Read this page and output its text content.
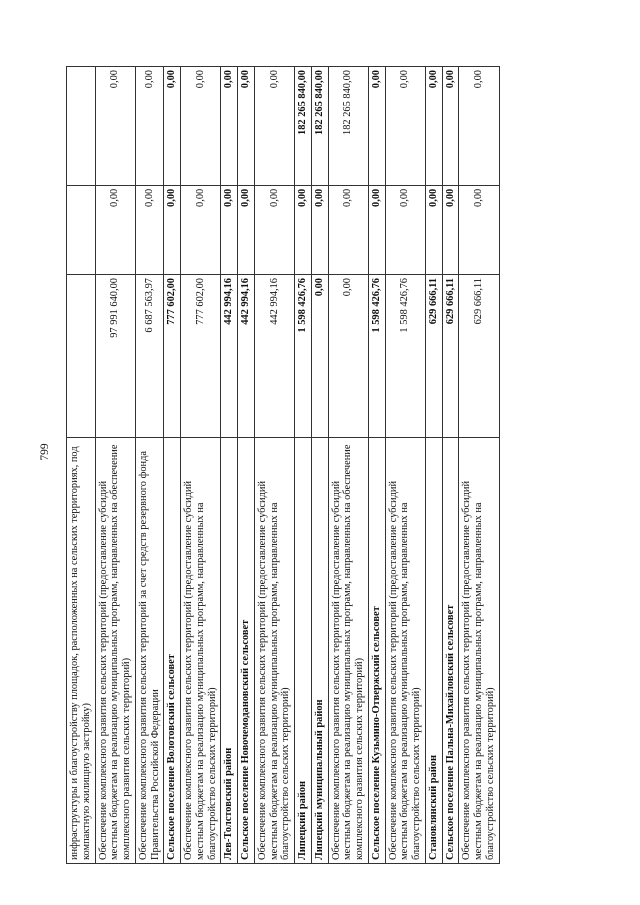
799 инфраструктуры и благоустройству площадок, расположенных на сельских территориях, под компактную жилищную застройку)			
Обеспечение комплексного развития сельских территорий (предоставление субсидий местным бюджетам на реализацию муниципальных программ, направленных на обеспечение комплексного развития сельских территорий)	97 991 640,00	0,00	0,00
Обеспечение комплексного развития сельских территорий за счет средств резервного фонда Правительства Российской Федерации	6 687 563,97	0,00	0,00
Сельское поселение Волотовский сельсовет	777 602,00	0,00	0,00
Обеспечение комплексного развития сельских территорий (предоставление субсидий местным бюджетам на реализацию муниципальных программ, направленных на благоустройство сельских территорий)	777 602,00	0,00	0,00
Лев-Толстовский район	442 994,16	0,00	0,00
Сельское поселение Новочемодановский сельсовет	442 994,16	0,00	0,00
Обеспечение комплексного развития сельских территорий (предоставление субсидий местным бюджетам на реализацию муниципальных программ, направленных на благоустройство сельских территорий)	442 994,16	0,00	0,00
Липецкий район	1 598 426,76	0,00	182 265 840,00
Липецкий муниципальный район	0,00	0,00	182 265 840,00
Обеспечение комплексного развития сельских территорий (предоставление субсидий местным бюджетам на реализацию муниципальных программ, направленных на обеспечение комплексного развития сельских территорий)	0,00	0,00	182 265 840,00
Сельское поселение Кузьмино-Отвержский сельсовет	1 598 426,76	0,00	0,00
Обеспечение комплексного развития сельских территорий (предоставление субсидий местным бюджетам на реализацию муниципальных программ, направленных на благоустройство сельских территорий)	1 598 426,76	0,00	0,00
Становлянский район	629 666,11	0,00	0,00
Сельское поселение Пальна-Михайловский сельсовет	629 666,11	0,00	0,00
Обеспечение комплексного развития сельских территорий (предоставление субсидий местным бюджетам на реализацию муниципальных программ, направленных на благоустройство сельских территорий)	629 666,11	0,00	0,00
